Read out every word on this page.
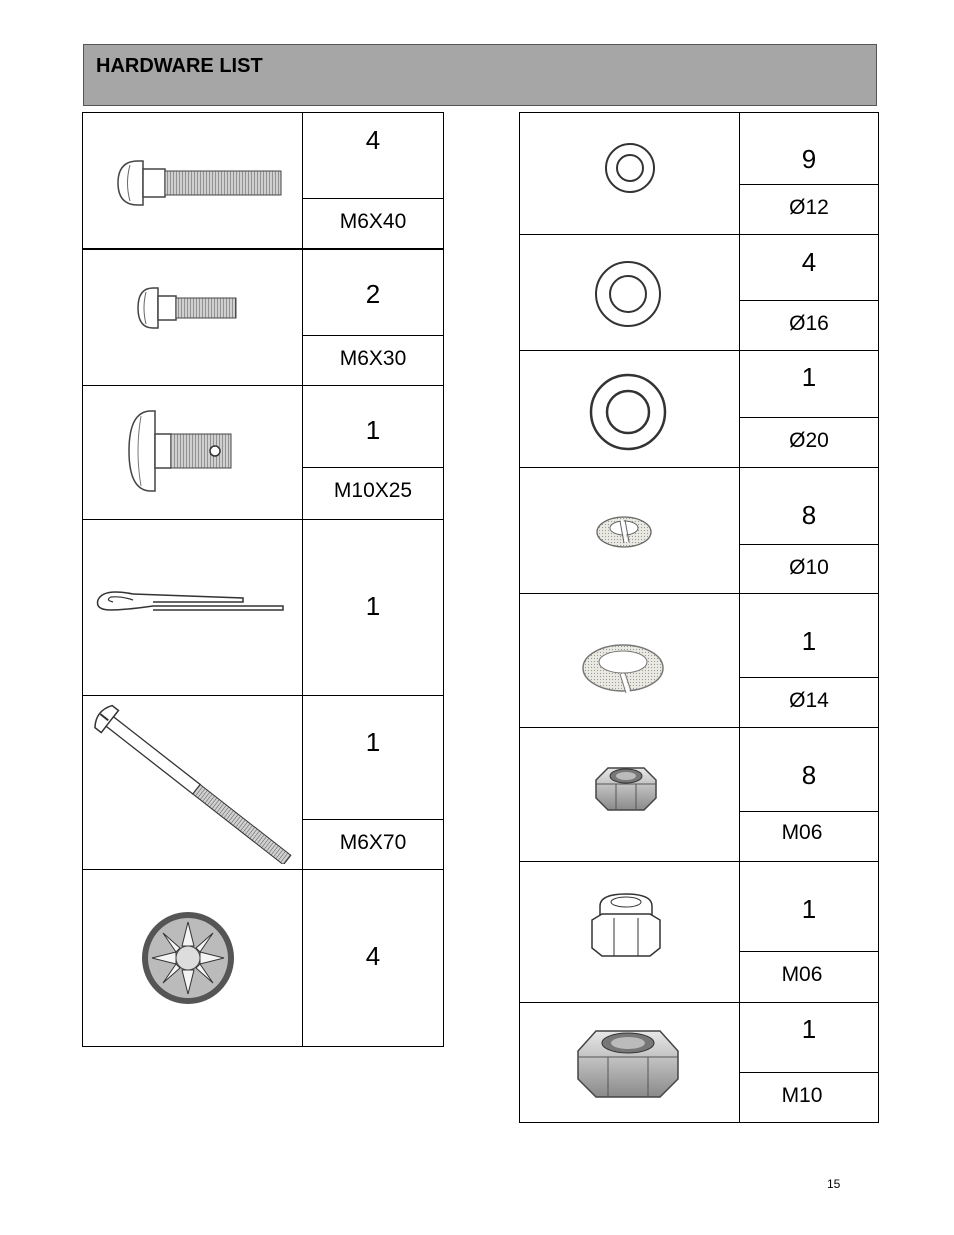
HARDWARE LIST
4
M6X40
2
M6X30
1
M10X25
1
1
M6X70
4
9
Ø12
4
Ø16
1
Ø20
8
Ø10
1
Ø14
8
M06
1
M06
1
M10
15
